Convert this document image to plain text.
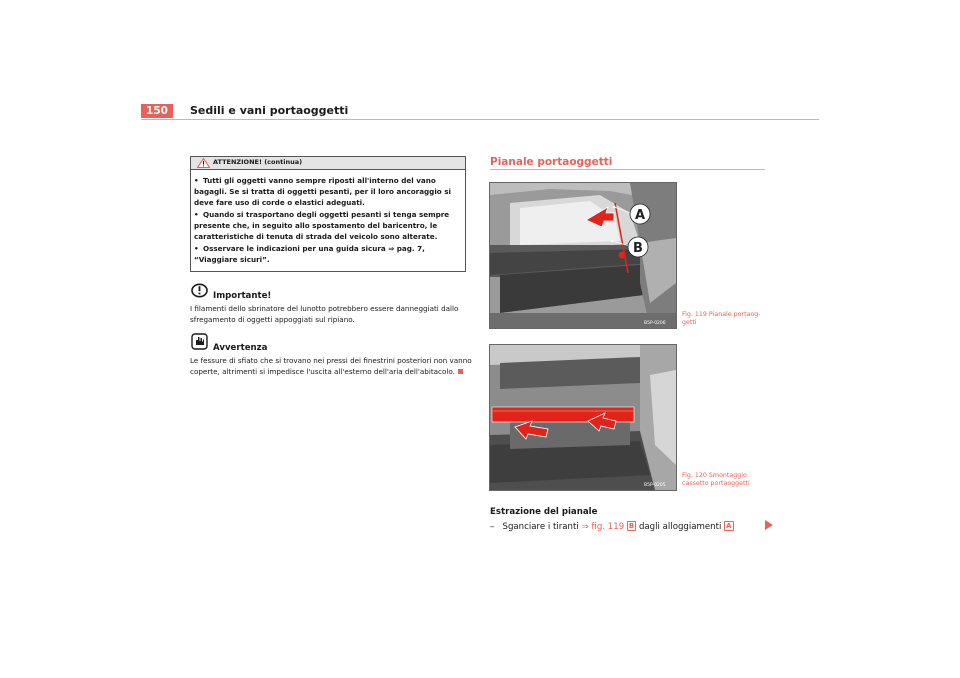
150	Sedili e vani portaoggetti
ATTENZIONE! (continua)
• Tutti gli oggetti vanno sempre riposti all'interno del vano bagagli. Se si tratta di oggetti pesanti, per il loro ancoraggio si deve fare uso di corde o elastici adeguati.
• Quando si trasportano degli oggetti pesanti si tenga sempre presente che, in seguito allo spostamento del baricentro, le caratteristiche di tenuta di strada del veicolo sono alterate.
• Osservare le indicazioni per una guida sicura ⇒ pag. 7, “Viaggiare sicuri”.
Importante!
I filamenti dello sbrinatore del lunotto potrebbero essere danneggiati dallo sfregamento di oggetti appoggiati sul ripiano.
Avvertenza
Le fessure di sfiato che si trovano nei pressi dei finestrini posteriori non vanno coperte, altrimenti si impedisce l'uscita all'esterno dell'aria dell'abitacolo.
Pianale portaoggetti
A
B
B5P-0206
Fig. 119 Pianale portaog-
getti
B5P-0205
Fig. 120 Smontaggio
cassetto portaoggetti
Estrazione del pianale
– Sganciare i tiranti ⇒ fig. 119 B dagli alloggiamenti A
